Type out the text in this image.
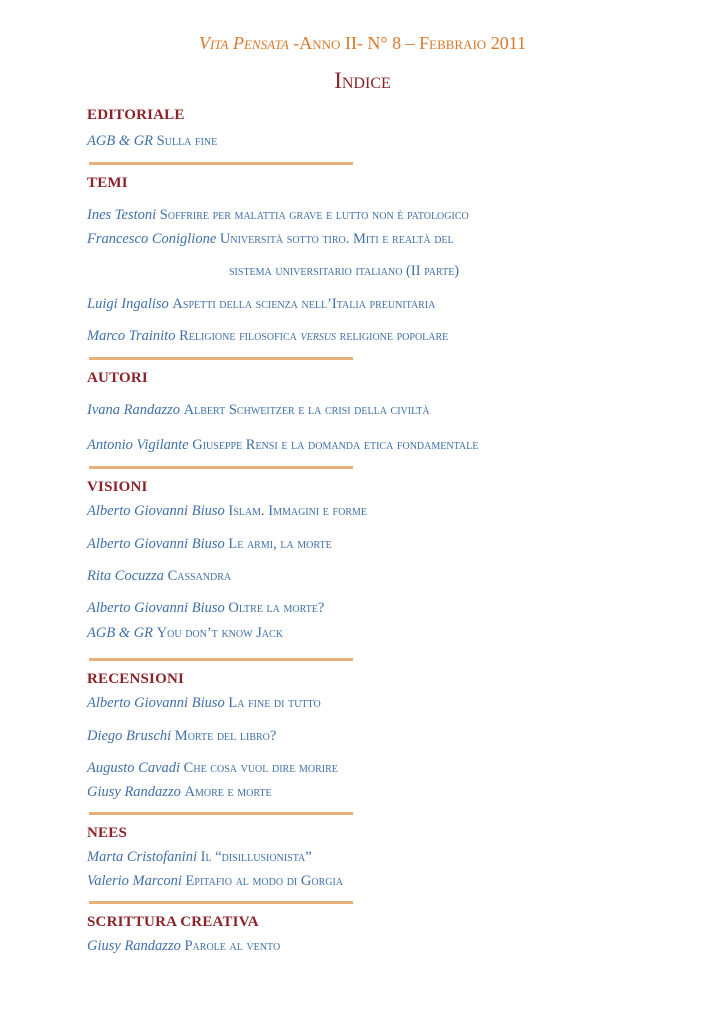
Vita Pensata -Anno II- N° 8 – Febbraio 2011
Indice
EDITORIALE
AGB & GR Sulla fine
TEMI
Ines Testoni Soffrire per malattia grave e lutto non è patologico
Francesco Coniglione Università sotto tiro. Miti e realtà del
sistema universitario italiano (II parte)
Luigi Ingaliso Aspetti della scienza nell’Italia preunitaria
Marco Trainito Religione filosofica versus religione popolare
AUTORI
Ivana Randazzo Albert Schweitzer e la crisi della civiltà
Antonio Vigilante Giuseppe Rensi e la domanda etica fondamentale
VISIONI
Alberto Giovanni Biuso Islam. Immagini e forme
Alberto Giovanni Biuso Le armi, la morte
Rita Cocuzza Cassandra
Alberto Giovanni Biuso Oltre la morte?
AGB & GR You don’t know Jack
RECENSIONI
Alberto Giovanni Biuso La fine di tutto
Diego Bruschi Morte del libro?
Augusto Cavadi Che cosa vuol dire morire
Giusy Randazzo Amore e morte
NEES
Marta Cristofanini Il “disillusionista”
Valerio Marconi Epitafio al modo di Gorgia
SCRITTURA CREATIVA
Giusy Randazzo Parole al vento
